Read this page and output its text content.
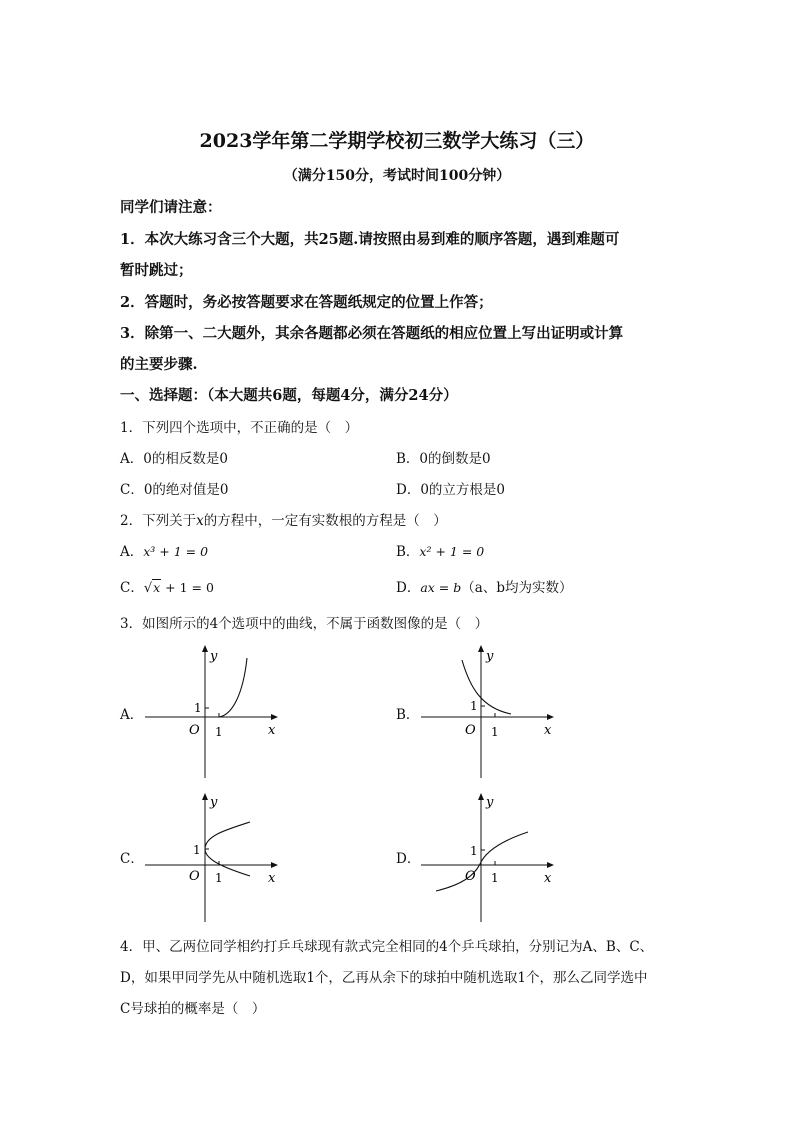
2023学年第二学期学校初三数学大练习（三）
（满分150分，考试时间100分钟）
同学们请注意：
1．本次大练习含三个大题，共25题.请按照由易到难的顺序答题，遇到难题可
暂时跳过；
2．答题时，务必按答题要求在答题纸规定的位置上作答；
3．除第一、二大题外，其余各题都必须在答题纸的相应位置上写出证明或计算
的主要步骤.
一、选择题：（本大题共6题，每题4分，满分24分）
1．下列四个选项中，不正确的是（　）
A．0的相反数是0	B．0的倒数是0
C．0的绝对值是0	D．0的立方根是0
2．下列关于x的方程中，一定有实数根的方程是（　）
A．x³ + 1 = 0	B．x² + 1 = 0
C．√x + 1 = 0	D．ax = b（a、b均为实数）
3．如图所示的4个选项中的曲线，不属于函数图像的是（　）
A．	B．
C．	D．
x
y
O
1
1	x
y
O
1
1
x
y
O
1
1	x
y
O
1
1
4．甲、乙两位同学相约打乒乓球现有款式完全相同的4个乒乓球拍，分别记为A、B、C、
D，如果甲同学先从中随机选取1个，乙再从余下的球拍中随机选取1个，那么乙同学选中
C号球拍的概率是（　）
